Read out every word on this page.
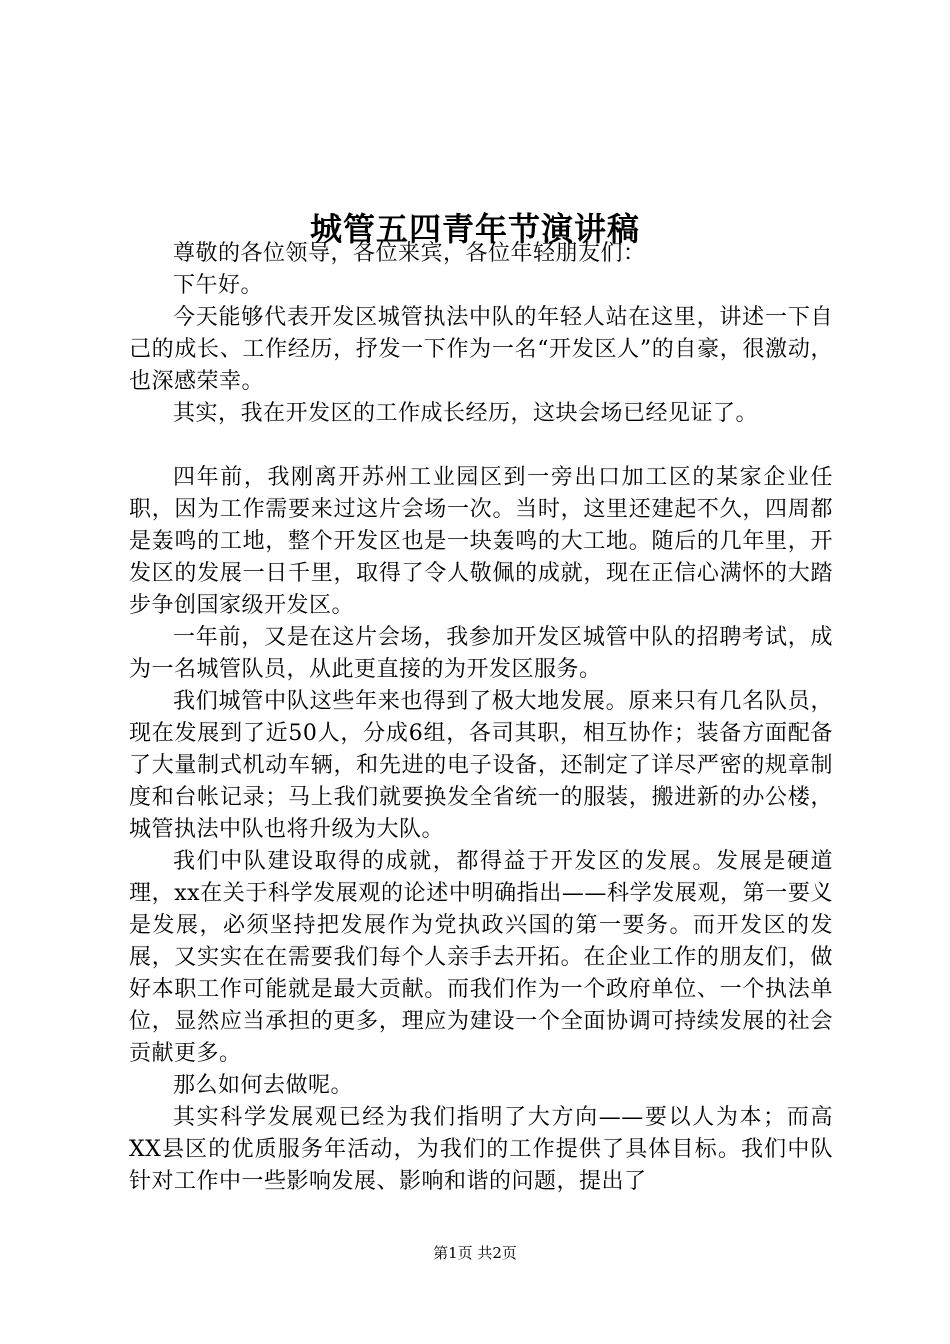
城管五四青年节演讲稿

尊敬的各位领导，各位来宾，各位年轻朋友们：

下午好。

今天能够代表开发区城管执法中队的年轻人站在这里，讲述一下自己的成长、工作经历，抒发一下作为一名“开发区人”的自豪，很激动，也深感荣幸。

其实，我在开发区的工作成长经历，这块会场已经见证了。

四年前，我刚离开苏州工业园区到一旁出口加工区的某家企业任职，因为工作需要来过这片会场一次。当时，这里还建起不久，四周都是轰鸣的工地，整个开发区也是一块轰鸣的大工地。随后的几年里，开发区的发展一日千里，取得了令人敬佩的成就，现在正信心满怀的大踏步争创国家级开发区。

一年前，又是在这片会场，我参加开发区城管中队的招聘考试，成为一名城管队员，从此更直接的为开发区服务。

我们城管中队这些年来也得到了极大地发展。原来只有几名队员，现在发展到了近50人，分成6组，各司其职，相互协作；装备方面配备了大量制式机动车辆，和先进的电子设备，还制定了详尽严密的规章制度和台帐记录；马上我们就要换发全省统一的服装，搬进新的办公楼，城管执法中队也将升级为大队。

我们中队建设取得的成就，都得益于开发区的发展。发展是硬道理，xx在关于科学发展观的论述中明确指出——科学发展观，第一要义是发展，必须坚持把发展作为党执政兴国的第一要务。而开发区的发展，又实实在在需要我们每个人亲手去开拓。在企业工作的朋友们，做好本职工作可能就是最大贡献。而我们作为一个政府单位、一个执法单位，显然应当承担的更多，理应为建设一个全面协调可持续发展的社会贡献更多。

那么如何去做呢。

其实科学发展观已经为我们指明了大方向——要以人为本；而高XX县区的优质服务年活动，为我们的工作提供了具体目标。我们中队针对工作中一些影响发展、影响和谐的问题，提出了

第1页 共2页
